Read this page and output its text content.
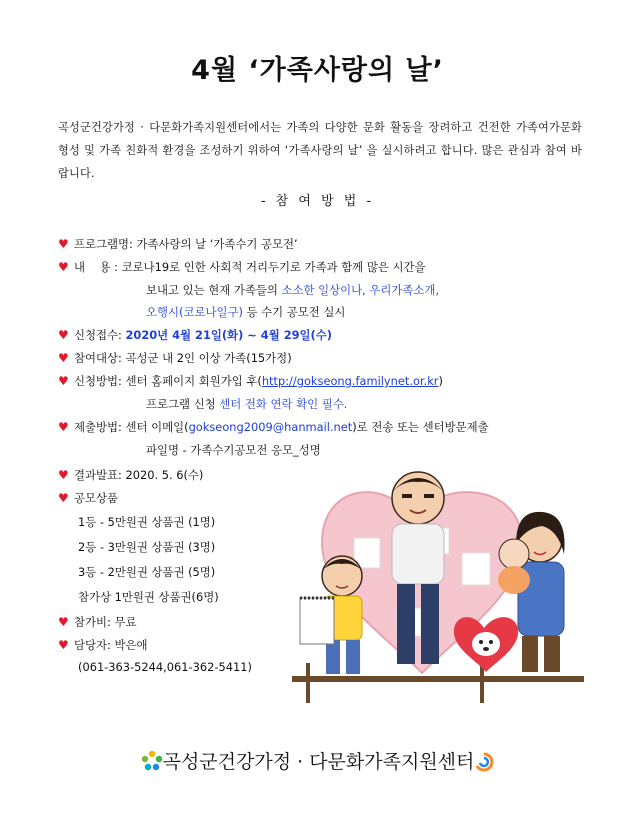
4월 ‘가족사랑의 날’

곡성군건강가정 · 다문화가족지원센터에서는 가족의 다양한 문화 활동을 장려하고 건전한 가족여가문화 형성 및 가족 친화적 환경을 조성하기 위하여 ‘가족사랑의 날’ 을 실시하려고 합니다. 많은 관심과 참여 바랍니다.

- 참 여 방 법 -
♥ 프로그램명: 가족사랑의 날 ‘가족수기 공모전’
♥ 내    용 : 코로나19로 인한 사회적 거리두기로 가족과 함께 많은 시간을
보내고 있는 현재 가족들의 소소한 일상이나, 우리가족소개,
오행시(코로나일구) 등 수기 공모전 실시
♥ 신청접수: 2020년 4월 21일(화) ~ 4월 29일(수)
♥ 참여대상: 곡성군 내 2인 이상 가족(15가정)
♥ 신청방법: 센터 홈페이지 회원가입 후(http://gokseong.familynet.or.kr)
프로그램 신청 센터 전화 연락 확인 필수.
♥ 제출방법: 센터 이메일(gokseong2009@hanmail.net)로 전송 또는 센터방문제출
파일명 - 가족수기공모전 응모_성명
♥ 결과발표: 2020. 5. 6(수)
♥ 공모상품
1등 - 5만원권 상품권 (1명)
2등 - 3만원권 상품권 (3명)
3등 - 2만원권 상품권 (5명)
참가상 1만원권 상품권(6명)
♥ 참가비: 무료
♥ 담당자: 박은애
(061-363-5244,061-362-5411)
곡성군건강가정 · 다문화가족지원센터
